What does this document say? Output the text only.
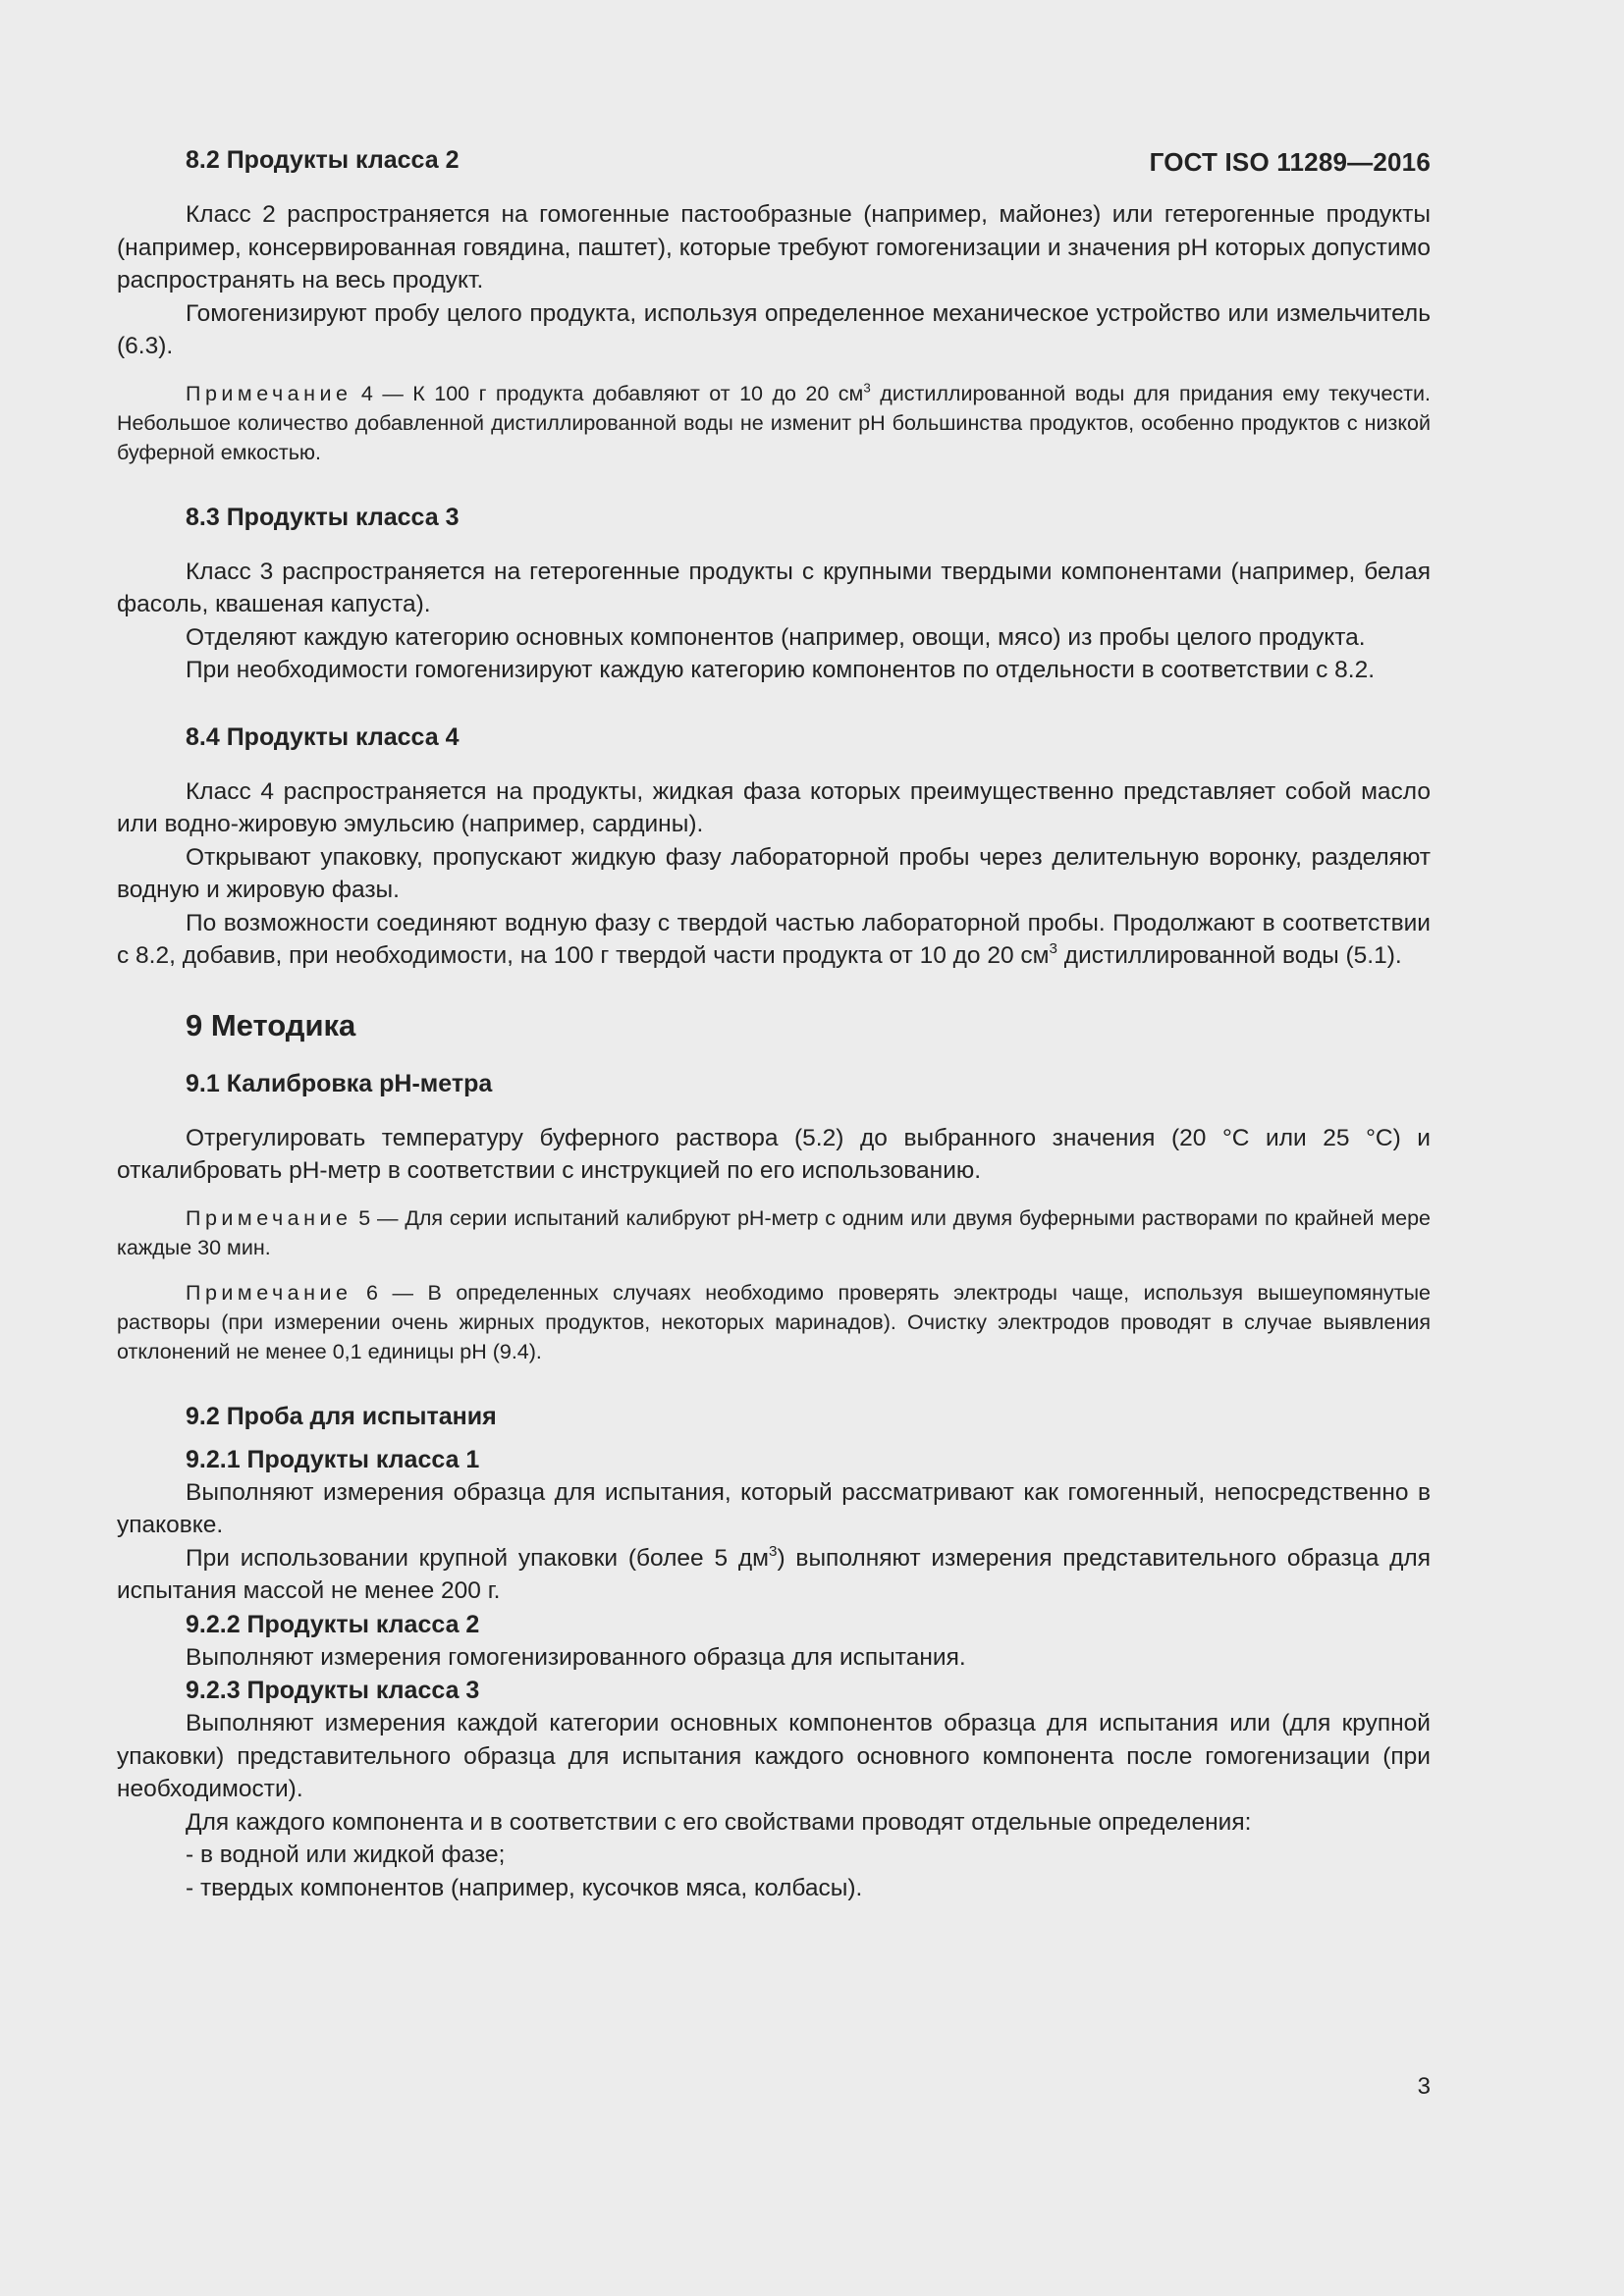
ГОСТ ISO 11289—2016
8.2 Продукты класса 2

Класс 2 распространяется на гомогенные пастообразные (например, майонез) или гетерогенные продукты (например, консервированная говядина, паштет), которые требуют гомогенизации и значения pH которых допустимо распространять на весь продукт.

Гомогенизируют пробу целого продукта, используя определенное механическое устройство или измельчитель (6.3).

Примечание 4 — К 100 г продукта добавляют от 10 до 20 $см^3$ дистиллированной воды для придания ему текучести. Небольшое количество добавленной дистиллированной воды не изменит pH большинства продуктов, особенно продуктов с низкой буферной емкостью.

8.3 Продукты класса 3

Класс 3 распространяется на гетерогенные продукты с крупными твердыми компонентами (например, белая фасоль, квашеная капуста).

Отделяют каждую категорию основных компонентов (например, овощи, мясо) из пробы целого продукта.

При необходимости гомогенизируют каждую категорию компонентов по отдельности в соответствии с 8.2.

8.4 Продукты класса 4

Класс 4 распространяется на продукты, жидкая фаза которых преимущественно представляет собой масло или водно-жировую эмульсию (например, сардины).

Открывают упаковку, пропускают жидкую фазу лабораторной пробы через делительную воронку, разделяют водную и жировую фазы.

По возможности соединяют водную фазу с твердой частью лабораторной пробы. Продолжают в соответствии с 8.2, добавив, при необходимости, на 100 г твердой части продукта от 10 до 20 $см^3$ дистиллированной воды (5.1).

9 Методика
9.1 Калибровка pH-метра

Отрегулировать температуру буферного раствора (5.2) до выбранного значения (20 °С или 25 °С) и откалибровать pH-метр в соответствии с инструкцией по его использованию.

Примечание 5 — Для серии испытаний калибруют pH-метр с одним или двумя буферными растворами по крайней мере каждые 30 мин.

Примечание 6 — В определенных случаях необходимо проверять электроды чаще, используя вышеупомянутые растворы (при измерении очень жирных продуктов, некоторых маринадов). Очистку электродов проводят в случае выявления отклонений не менее 0,1 единицы pH (9.4).

9.2 Проба для испытания
9.2.1 Продукты класса 1

Выполняют измерения образца для испытания, который рассматривают как гомогенный, непосредственно в упаковке.

При использовании крупной упаковки (более 5 $дм^3$) выполняют измерения представительного образца для испытания массой не менее 200 г.

9.2.2 Продукты класса 2

Выполняют измерения гомогенизированного образца для испытания.

9.2.3 Продукты класса 3

Выполняют измерения каждой категории основных компонентов образца для испытания или (для крупной упаковки) представительного образца для испытания каждого основного компонента после гомогенизации (при необходимости).

Для каждого компонента и в соответствии с его свойствами проводят отдельные определения:

- в водной или жидкой фазе;

- твердых компонентов (например, кусочков мяса, колбасы).

3
